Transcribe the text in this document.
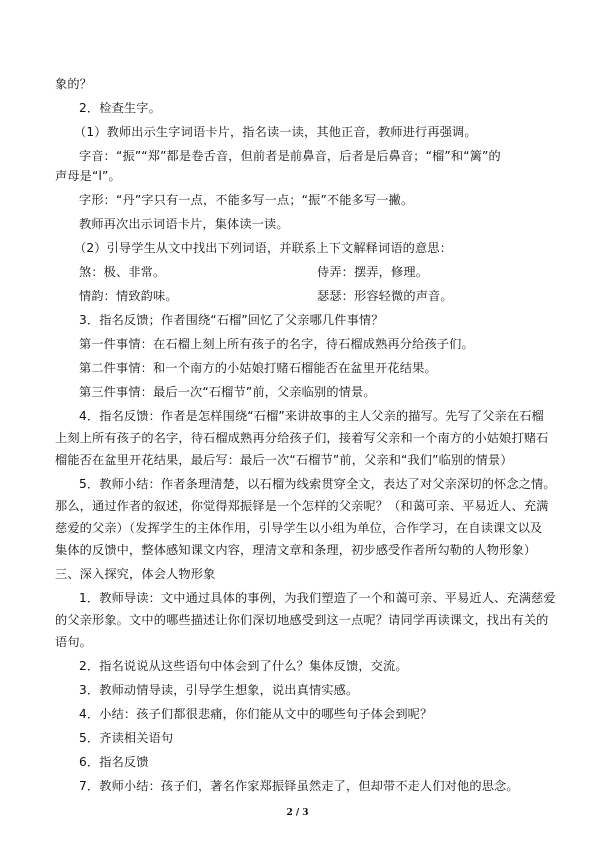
象的？
2．检查生字。
（1）教师出示生字词语卡片，指名读一读，其他正音，教师进行再强调。
字音：“振”“郑”都是卷舌音，但前者是前鼻音，后者是后鼻音；“榴”和“篱”的
声母是“l”。
字形：“丹”字只有一点，不能多写一点；“振”不能多写一撇。
教师再次出示词语卡片，集体读一读。
（2）引导学生从文中找出下列词语，并联系上下文解释词语的意思：
煞：极、非常。	侍弄：摆弄，修理。
情韵：情致韵味。	瑟瑟：形容轻微的声音。
3．指名反馈；作者围绕“石榴”回忆了父亲哪几件事情？
第一件事情：在石榴上刻上所有孩子的名字，待石榴成熟再分给孩子们。
第二件事情：和一个南方的小姑娘打赌石榴能否在盆里开花结果。
第三件事情：最后一次“石榴节”前，父亲临别的情景。
4．指名反馈：作者是怎样围绕“石榴”来讲故事的主人父亲的描写。先写了父亲在石榴
上刻上所有孩子的名字，待石榴成熟再分给孩子们，接着写父亲和一个南方的小姑娘打赌石
榴能否在盆里开花结果，最后写：最后一次“石榴节”前，父亲和“我们”临别的情景）
5．教师小结：作者条理清楚，以石榴为线索贯穿全文，表达了对父亲深切的怀念之情。
那么，通过作者的叙述，你觉得郑振铎是一个怎样的父亲呢？（和蔼可亲、平易近人、充满
慈爱的父亲）（发挥学生的主体作用，引导学生以小组为单位，合作学习，在自读课文以及
集体的反馈中，整体感知课文内容，理清文章和条理，初步感受作者所勾勒的人物形象）
三、深入探究，体会人物形象
1．教师导读：文中通过具体的事例，为我们塑造了一个和蔼可亲、平易近人、充满慈爱
的父亲形象。文中的哪些描述让你们深切地感受到这一点呢？请同学再读课文，找出有关的
语句。
2．指名说说从这些语句中体会到了什么？集体反馈，交流。
3．教师动情导读，引导学生想象，说出真情实感。
4．小结：孩子们都很悲痛，你们能从文中的哪些句子体会到呢？
5．齐读相关语句
6．指名反馈
7．教师小结：孩子们，著名作家郑振铎虽然走了，但却带不走人们对他的思念。
2 / 3
